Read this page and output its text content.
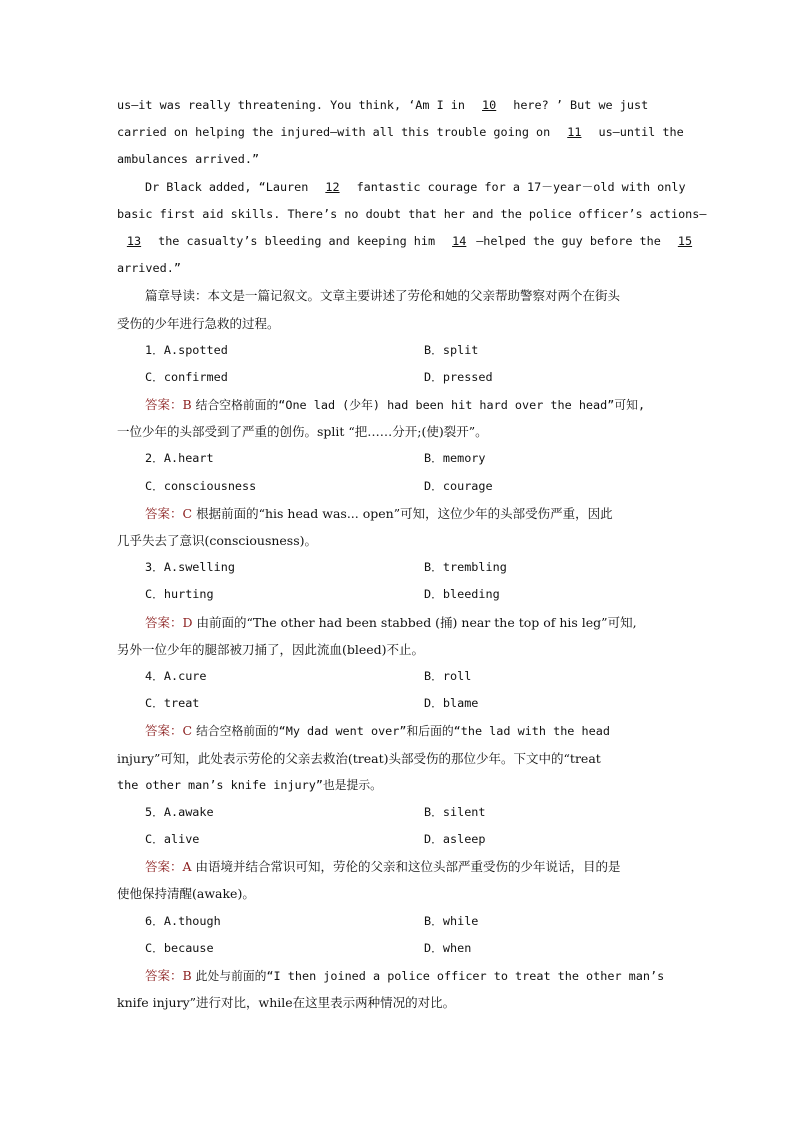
us—it was really threatening. You think, ‘Am I in 10 here? ’ But we just
carried on helping the injured—with all this trouble going on 11 us—until the
ambulances arrived.”
Dr Black added, “Lauren 12 fantastic courage for a 17－year－old with only
basic first aid skills. There’s no doubt that her and the police officer’s actions—
13 the casualty’s bleeding and keeping him 14 —helped the guy before the 15
arrived.”
篇章导读：本文是一篇记叙文。文章主要讲述了劳伦和她的父亲帮助警察对两个在街头
受伤的少年进行急救的过程。
1．A.spotted	B．split
C．confirmed	D．pressed
答案：B 结合空格前面的“One lad (少年) had been hit hard over the head”可知,
一位少年的头部受到了严重的创伤。split “把……分开;(使)裂开”。
2．A.heart	B．memory
C．consciousness	D．courage
答案：C 根据前面的“his head was... open”可知，这位少年的头部受伤严重，因此
几乎失去了意识(consciousness)。
3．A.swelling	B．trembling
C．hurting	D．bleeding
答案：D 由前面的“The other had been stabbed (捅) near the top of his leg”可知,
另外一位少年的腿部被刀捅了，因此流血(bleed)不止。
4．A.cure	B．roll
C．treat	D．blame
答案：C 结合空格前面的“My dad went over”和后面的“the lad with the head
injury”可知，此处表示劳伦的父亲去救治(treat)头部受伤的那位少年。下文中的“treat
the other man’s knife injury”也是提示。
5．A.awake	B．silent
C．alive	D．asleep
答案：A 由语境并结合常识可知，劳伦的父亲和这位头部严重受伤的少年说话，目的是
使他保持清醒(awake)。
6．A.though	B．while
C．because	D．when
答案：B 此处与前面的“I then joined a police officer to treat the other man’s
knife injury”进行对比，while在这里表示两种情况的对比。
